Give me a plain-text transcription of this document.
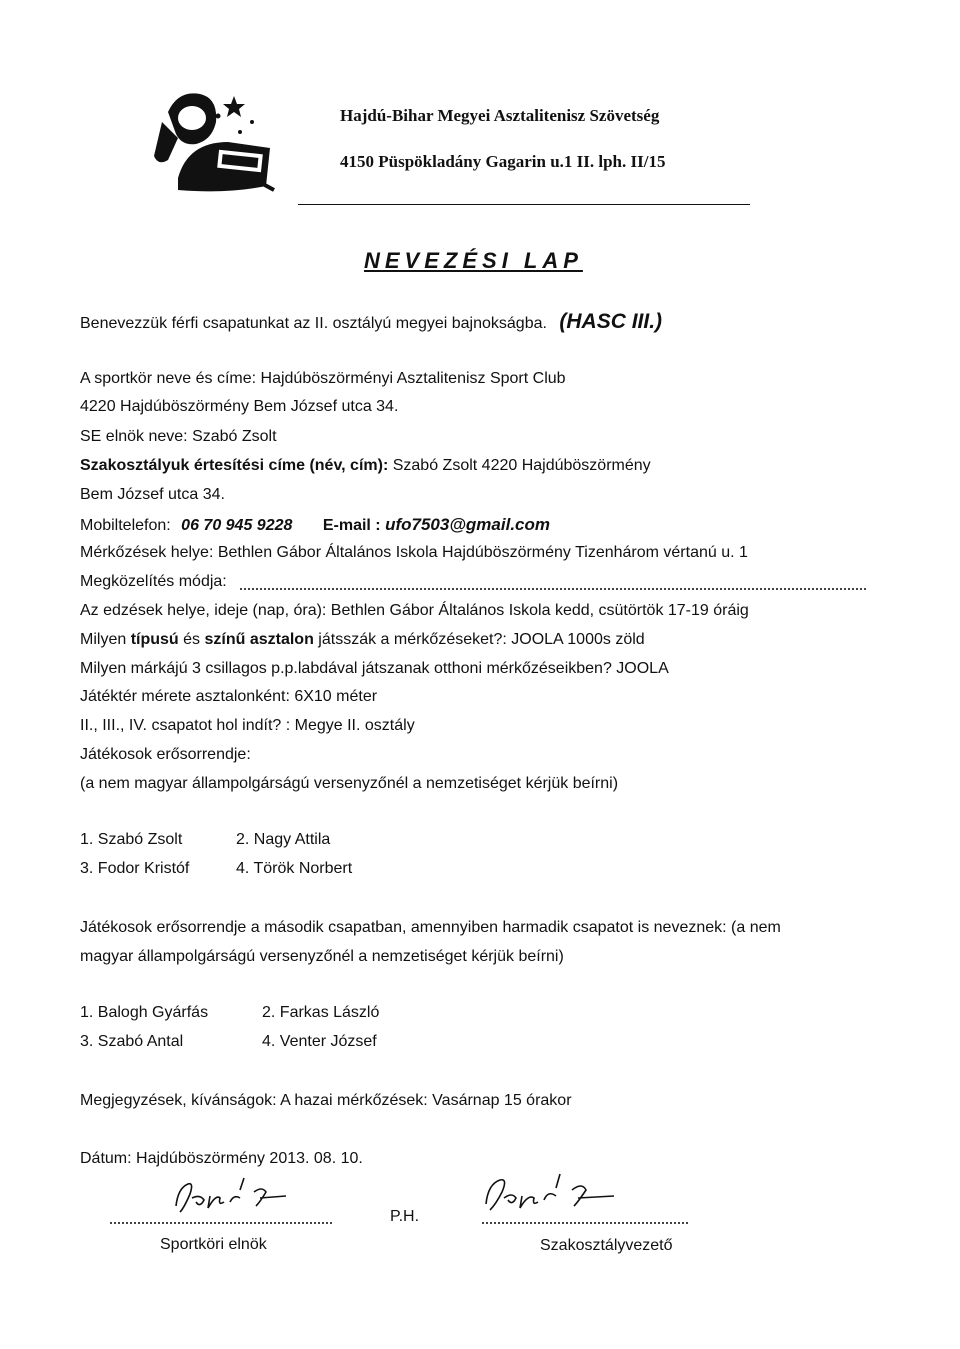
Hajdú-Bihar Megyei Asztalitenisz Szövetség
4150 Püspökladány Gagarin u.1 II. lph. II/15
NEVEZÉSI LAP
Benevezzük férfi csapatunkat az II. osztályú megyei bajnokságba. (HASC III.)
A sportkör neve és címe: Hajdúböszörményi Asztalitenisz Sport Club
4220 Hajdúböszörmény Bem József utca 34.
SE elnök neve: Szabó Zsolt
Szakosztályuk értesítési címe (név, cím): Szabó Zsolt 4220 Hajdúböszörmény
Bem József utca 34.
Mobiltelefon: 06 70 945 9228 E-mail : ufo7503@gmail.com
Mérkőzések helye: Bethlen Gábor Általános Iskola Hajdúböszörmény Tizenhárom vértanú u. 1
Megközelítés módja:
Az edzések helye, ideje (nap, óra): Bethlen Gábor Általános Iskola kedd, csütörtök 17-19 óráig
Milyen típusú és színű asztalon játsszák a mérkőzéseket?: JOOLA 1000s zöld
Milyen márkájú 3 csillagos p.p.labdával játszanak otthoni mérkőzéseikben? JOOLA
Játéktér mérete asztalonként: 6X10 méter
II., III., IV. csapatot hol indít? : Megye II. osztály
Játékosok erősorrendje:
(a nem magyar állampolgárságú versenyzőnél a nemzetiséget kérjük beírni)
1. Szabó Zsolt	2. Nagy Attila
3. Fodor Kristóf	4. Török Norbert
Játékosok erősorrendje a második csapatban, amennyiben harmadik csapatot is neveznek: (a nem
magyar állampolgárságú versenyzőnél a nemzetiséget kérjük beírni)
1. Balogh Gyárfás	2. Farkas László
3. Szabó Antal	4. Venter József
Megjegyzések, kívánságok: A hazai mérkőzések: Vasárnap 15 órakor
Dátum: Hajdúböszörmény 2013. 08. 10.
P.H.
Sportköri elnök	Szakosztályvezető
